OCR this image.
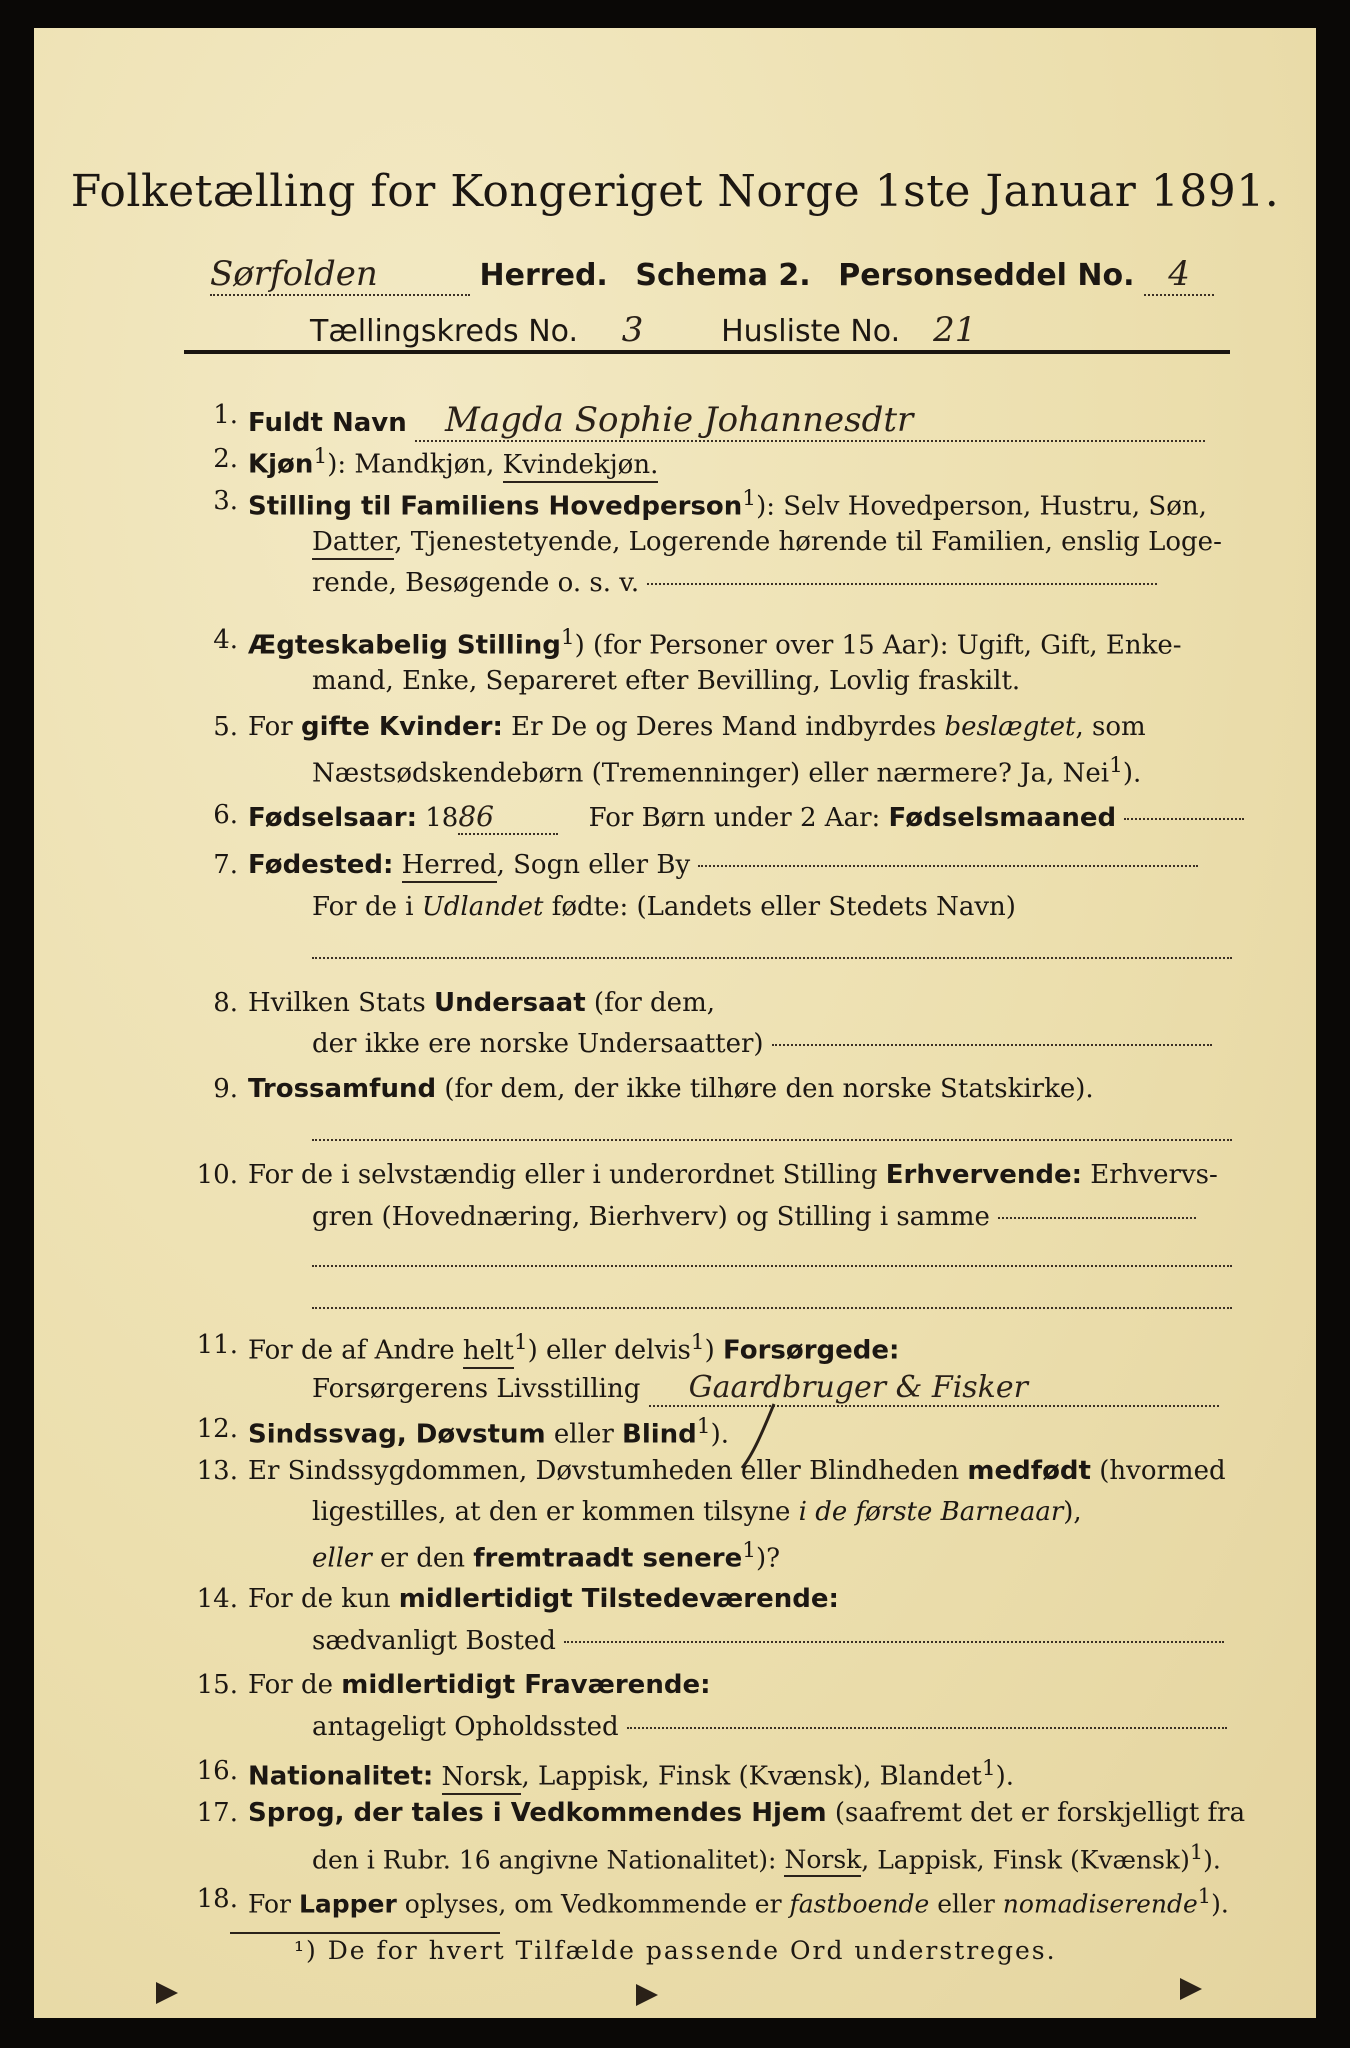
Folketælling for Kongeriget Norge 1ste Januar 1891.
Sørfolden	Herred. Schema 2. Personseddel No. 4
Tællingskreds No. 3	Husliste No. 21
1. Fuldt Navn Magda Sophie Johannesdtr
2. Kjøn$^1$): Mandkjøn, Kvindekjøn.
3. Stilling til Familiens Hovedperson$^1$): Selv Hovedperson, Hustru, Søn,
Datter, Tjenestetyende, Logerende hørende til Familien, enslig Loge-
rende, Besøgende o. s. v.
4. Ægteskabelig Stilling$^1$) (for Personer over 15 Aar): Ugift, Gift, Enke-
mand, Enke, Separeret efter Bevilling, Lovlig fraskilt.
5. For gifte Kvinder: Er De og Deres Mand indbyrdes beslægtet, som
Næstsødskendebørn (Tremenninger) eller nærmere? Ja, Nei$^1$).
6. Fødselsaar: 1886	For Børn under 2 Aar: Fødselsmaaned
7. Fødested: Herred, Sogn eller By
For de i Udlandet fødte: (Landets eller Stedets Navn)
8. Hvilken Stats Undersaat (for dem,
der ikke ere norske Undersaatter)
9. Trossamfund (for dem, der ikke tilhøre den norske Statskirke).
10. For de i selvstændig eller i underordnet Stilling Erhvervende: Erhvervs-
gren (Hovednæring, Bierhverv) og Stilling i samme
11. For de af Andre helt$^1$) eller delvis$^1$) Forsørgede:
Forsørgerens Livsstilling Gaardbruger & Fisker
12. Sindssvag, Døvstum eller Blind$^1$).
13. Er Sindssygdommen, Døvstumheden eller Blindheden medfødt (hvormed
ligestilles, at den er kommen tilsyne i de første Barneaar),
eller er den fremtraadt senere$^1$)?
14. For de kun midlertidigt Tilstedeværende:
sædvanligt Bosted
15. For de midlertidigt Fraværende:
antageligt Opholdssted
16. Nationalitet: Norsk, Lappisk, Finsk (Kvænsk), Blandet$^1$).
17. Sprog, der tales i Vedkommendes Hjem (saafremt det er forskjelligt fra
den i Rubr. 16 angivne Nationalitet): Norsk, Lappisk, Finsk (Kvænsk)$^1$).
18. For Lapper oplyses, om Vedkommende er fastboende eller nomadiserende$^1$).
¹) De for hvert Tilfælde passende Ord understreges.
